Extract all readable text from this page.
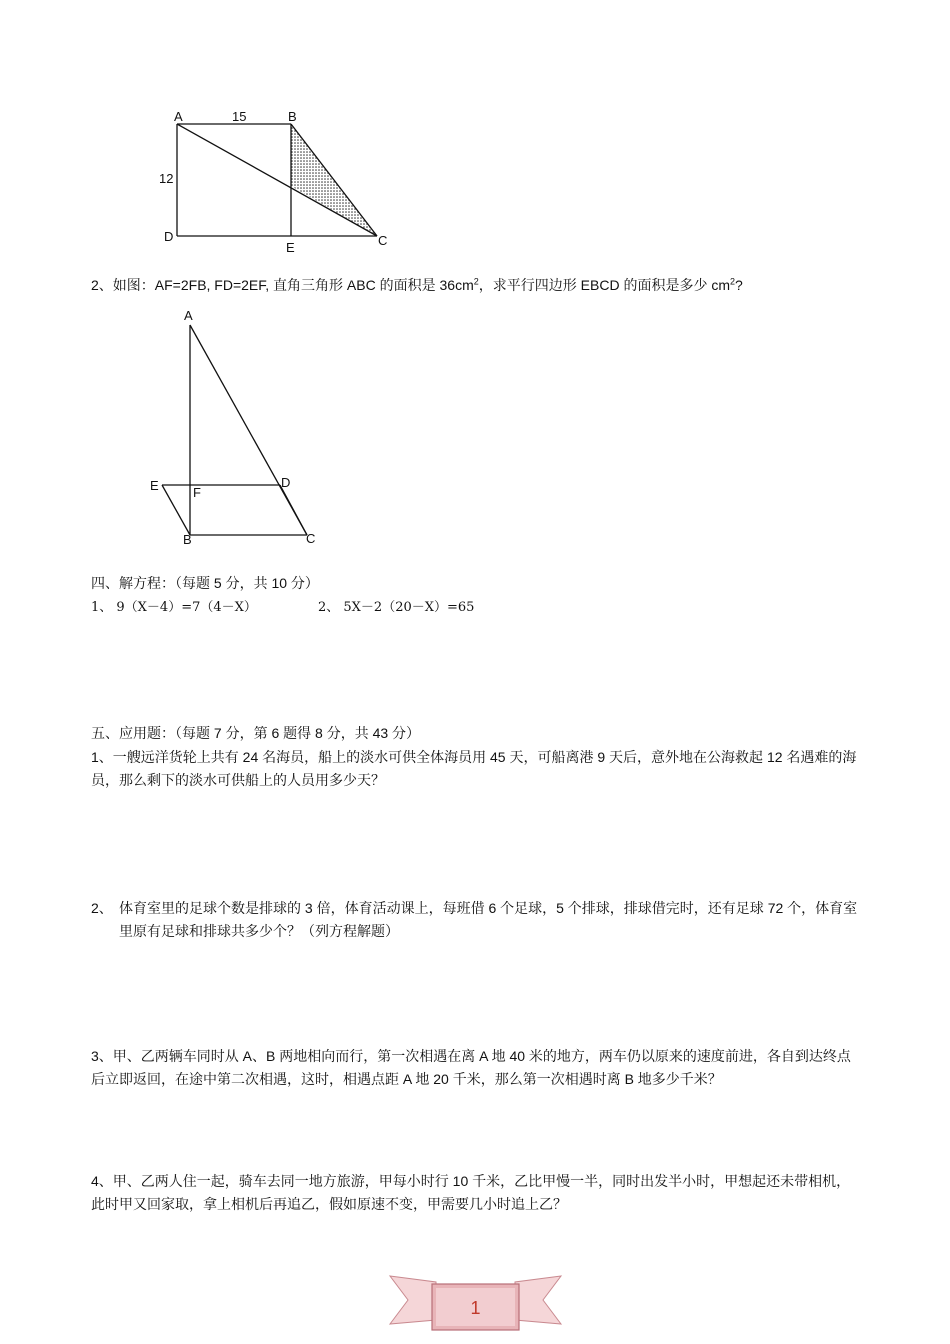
A	15	B
12
D
E	C
2、如图：AF=2FB, FD=2EF, 直角三角形 ABC 的面积是 $36cm^2$，求平行四边形 EBCD 的面积是多少 $cm^2$?
A
E	F
D
B	C
四、解方程：（每题 5 分，共 10 分）
1、 9（X－4）=7（4－X）	2、 5X－2（20－X）=65
五、应用题：（每题 7 分，第 6 题得 8 分，共 43 分）
1、一艘远洋货轮上共有 24 名海员，船上的淡水可供全体海员用 45 天，可船离港 9 天后，意外地在公海救起 12 名遇难的海员，那么剩下的淡水可供船上的人员用多少天？
2、 体育室里的足球个数是排球的 3 倍，体育活动课上，每班借 6 个足球，5 个排球，排球借完时，还有足球 72 个，体育室里原有足球和排球共多少个？（列方程解题）
3、甲、乙两辆车同时从 A、B 两地相向而行，第一次相遇在离 A 地 40 米的地方，两车仍以原来的速度前进，各自到达终点后立即返回，在途中第二次相遇，这时，相遇点距 A 地 20 千米，那么第一次相遇时离 B 地多少千米？
4、甲、乙两人住一起，骑车去同一地方旅游，甲每小时行 10 千米，乙比甲慢一半，同时出发半小时，甲想起还未带相机，此时甲又回家取，拿上相机后再追乙，假如原速不变，甲需要几小时追上乙？
1
